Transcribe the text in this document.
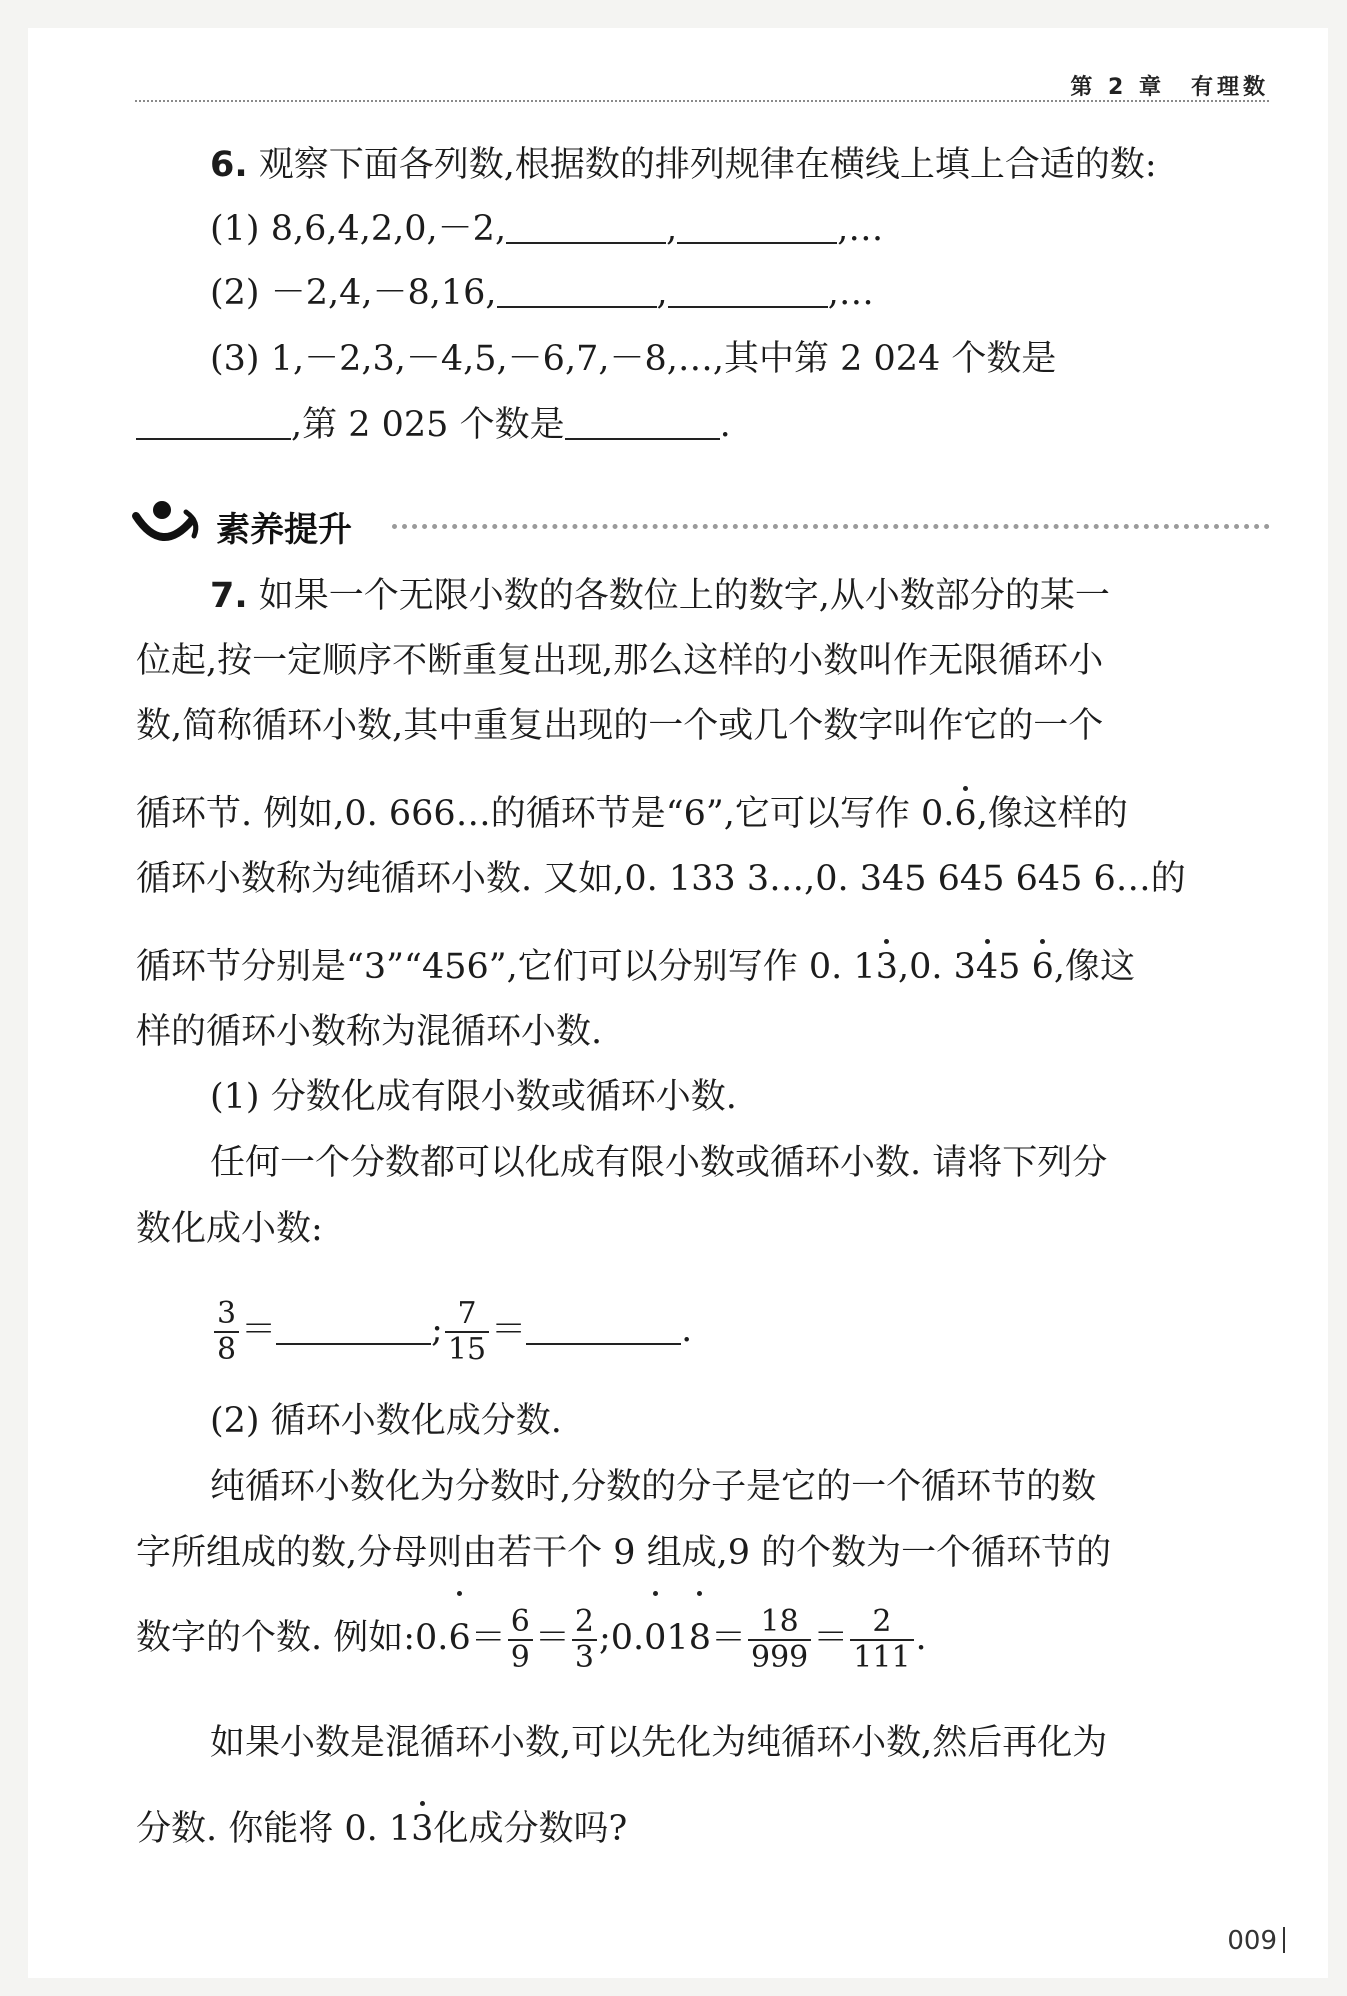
第 2 章　有理数
6. 观察下面各列数,根据数的排列规律在横线上填上合适的数:
(1) 8,6,4,2,0,－2,	,	,…
(2) －2,4,－8,16,	,	,…
(3) 1,－2,3,－4,5,－6,7,－8,…,其中第 2 024 个数是
,第 2 025 个数是	.
素养提升
7. 如果一个无限小数的各数位上的数字,从小数部分的某一
位起,按一定顺序不断重复出现,那么这样的小数叫作无限循环小
数,简称循环小数,其中重复出现的一个或几个数字叫作它的一个
循环节. 例如,0. 666…的循环节是“6”,它可以写作 0.6,像这样的
循环小数称为纯循环小数. 又如,0. 133 3…,0. 345 645 645 6…的
循环节分别是“3”“456”,它们可以分别写作 0. 13,0. 345 6,像这
样的循环小数称为混循环小数.
(1) 分数化成有限小数或循环小数.
任何一个分数都可以化成有限小数或循环小数. 请将下列分
数化成小数:
$\frac{3}{8}$ ＝	; $\frac{7}{15}$ ＝	.
(2) 循环小数化成分数.
纯循环小数化为分数时,分数的分子是它的一个循环节的数
字所组成的数,分母则由若干个 9 组成,9 的个数为一个循环节的
数字的个数. 例如:0.6＝ $\frac{6}{9} = \frac{2}{3}$ ;0.018＝ $\frac{18}{999} = \frac{2}{111}$ .
如果小数是混循环小数,可以先化为纯循环小数,然后再化为
分数. 你能将 0. 13化成分数吗?
009
